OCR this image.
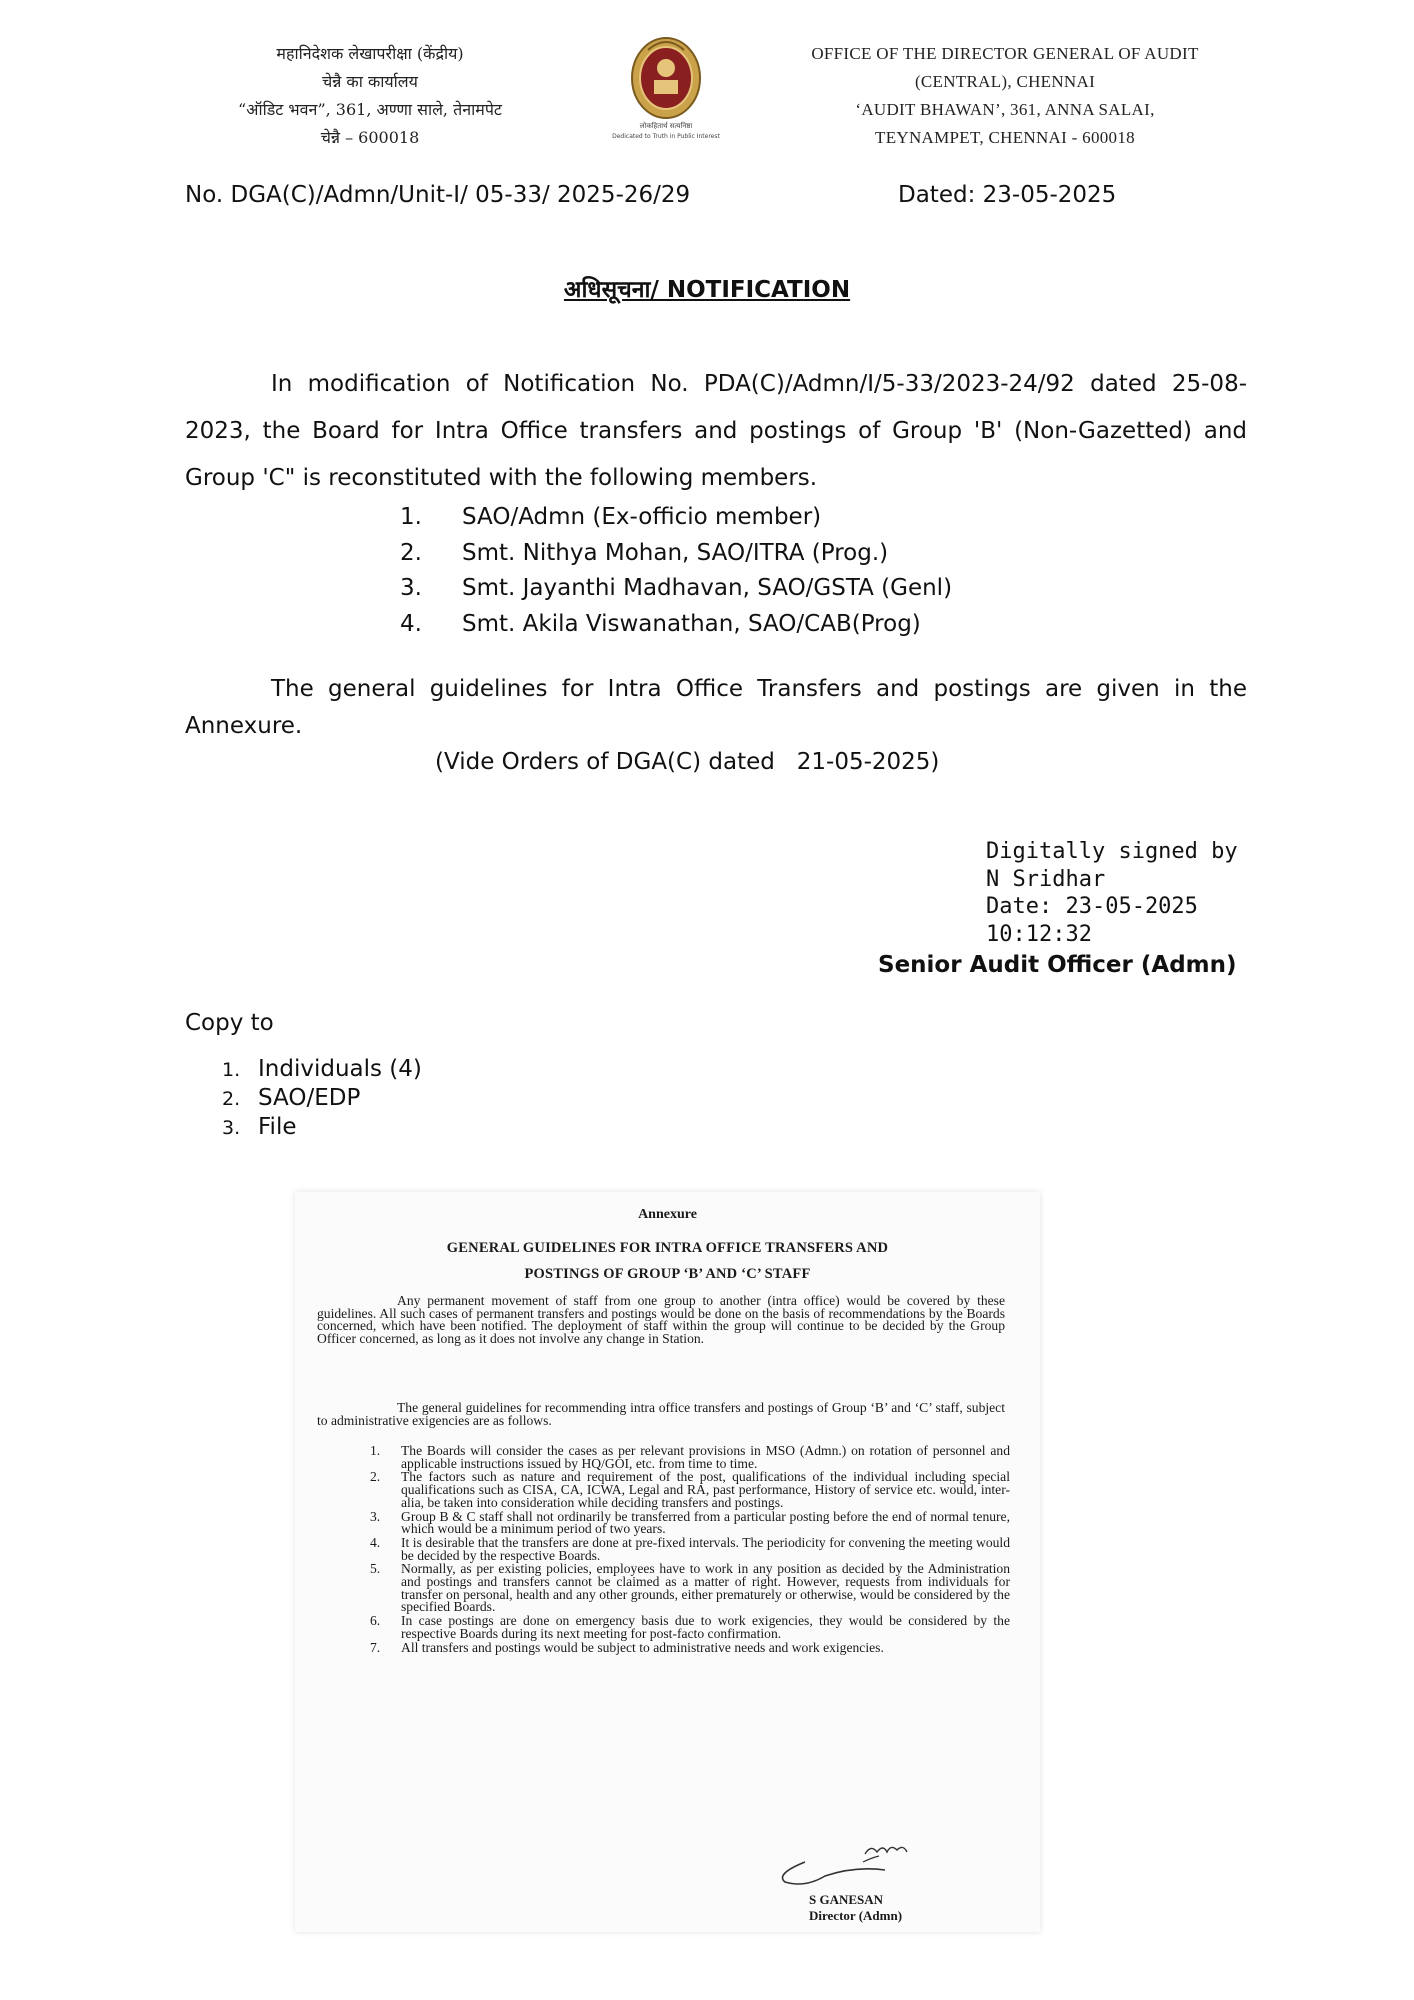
महानिदेशक लेखापरीक्षा (केंद्रीय)
चेन्नै का कार्यालय
“ऑडिट भवन”, 361, अण्णा साले, तेनामपेट
चेन्नै – 600018
लोकहितार्थ सत्यनिष्ठा
Dedicated to Truth in Public Interest
OFFICE OF THE DIRECTOR GENERAL OF AUDIT
(CENTRAL), CHENNAI
‘AUDIT BHAWAN’, 361, ANNA SALAI,
TEYNAMPET, CHENNAI - 600018
No. DGA(C)/Admn/Unit-I/ 05-33/ 2025-26/29	Dated: 23-05-2025
अधिसूचना/ NOTIFICATION

In modification of Notification No. PDA(C)/Admn/I/5-33/2023-24/92 dated 25-08-2023, the Board for Intra Office transfers and postings of Group 'B' (Non-Gazetted) and Group 'C" is reconstituted with the following members.

1. SAO/Admn (Ex-officio member)
2. Smt. Nithya Mohan, SAO/ITRA (Prog.)
3. Smt. Jayanthi Madhavan, SAO/GSTA (Genl)
4. Smt. Akila Viswanathan, SAO/CAB(Prog)

The general guidelines for Intra Office Transfers and postings are given in the Annexure.

(Vide Orders of DGA(C) dated   21-05-2025)
Digitally signed by
N Sridhar
Date: 23-05-2025
10:12:32
Senior Audit Officer (Admn)
Copy to
1. Individuals (4)
2. SAO/EDP
3. File
Annexure
GENERAL GUIDELINES FOR INTRA OFFICE TRANSFERS AND
POSTINGS OF GROUP ‘B’ AND ‘C’ STAFF

Any permanent movement of staff from one group to another (intra office) would be covered by these guidelines. All such cases of permanent transfers and postings would be done on the basis of recommendations by the Boards concerned, which have been notified. The deployment of staff within the group will continue to be decided by the Group Officer concerned, as long as it does not involve any change in Station.

The general guidelines for recommending intra office transfers and postings of Group ‘B’ and ‘C’ staff, subject to administrative exigencies are as follows.

1. The Boards will consider the cases as per relevant provisions in MSO (Admn.) on rotation of personnel and applicable instructions issued by HQ/GOI, etc. from time to time.
2. The factors such as nature and requirement of the post, qualifications of the individual including special qualifications such as CISA, CA, ICWA, Legal and RA, past performance, History of service etc. would, inter-alia, be taken into consideration while deciding transfers and postings.
3. Group B & C staff shall not ordinarily be transferred from a particular posting before the end of normal tenure, which would be a minimum period of two years.
4. It is desirable that the transfers are done at pre-fixed intervals. The periodicity for convening the meeting would be decided by the respective Boards.
5. Normally, as per existing policies, employees have to work in any position as decided by the Administration and postings and transfers cannot be claimed as a matter of right. However, requests from individuals for transfer on personal, health and any other grounds, either prematurely or otherwise, would be considered by the specified Boards.
6. In case postings are done on emergency basis due to work exigencies, they would be considered by the respective Boards during its next meeting for post-facto confirmation.
7. All transfers and postings would be subject to administrative needs and work exigencies.
S GANESAN
Director (Admn)
